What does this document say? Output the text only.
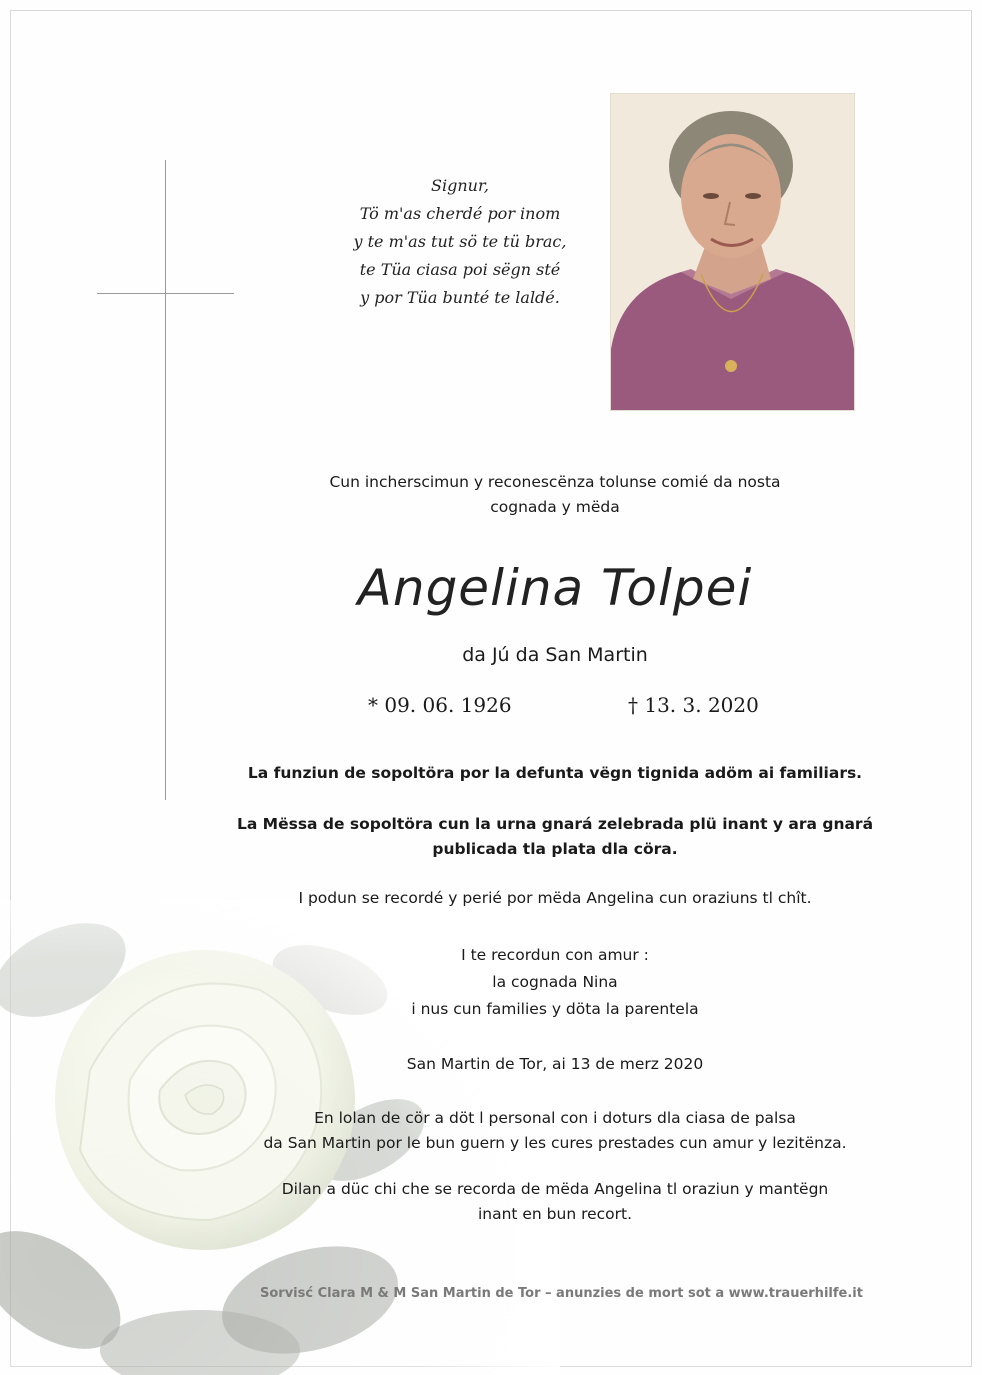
Signur,
Tö m'as cherdé por inom
y te m'as tut sö te tü brac,
te Tüa ciasa poi sëgn sté
y por Tüa bunté te laldé.
Cun incherscimun y reconescënza tolunse comié da nosta
cognada y mëda
Angelina Tolpei
da Jú da San Martin
* 09. 06. 1926	† 13. 3. 2020
La funziun de sopoltöra por la defunta vëgn tignida adöm ai familiars.
La Mëssa de sopoltöra cun la urna gnará zelebrada plü inant y ara gnará
publicada tla plata dla cöra.
I podun se recordé y perié por mëda Angelina cun oraziuns tl chît.
I te recordun con amur :
la cognada Nina
i nus cun families y döta la parentela
San Martin de Tor, ai 13 de merz 2020
En lolan de cör a döt l personal con i doturs dla ciasa de palsa
da San Martin por le bun guern y les cures prestades cun amur y lezitënza.
Dilan a düc chi che se recorda de mëda Angelina tl oraziun y mantëgn
inant en bun recort.
Sorvisć Clara M & M San Martin de Tor – anunzies de mort sot a www.trauerhilfe.it
